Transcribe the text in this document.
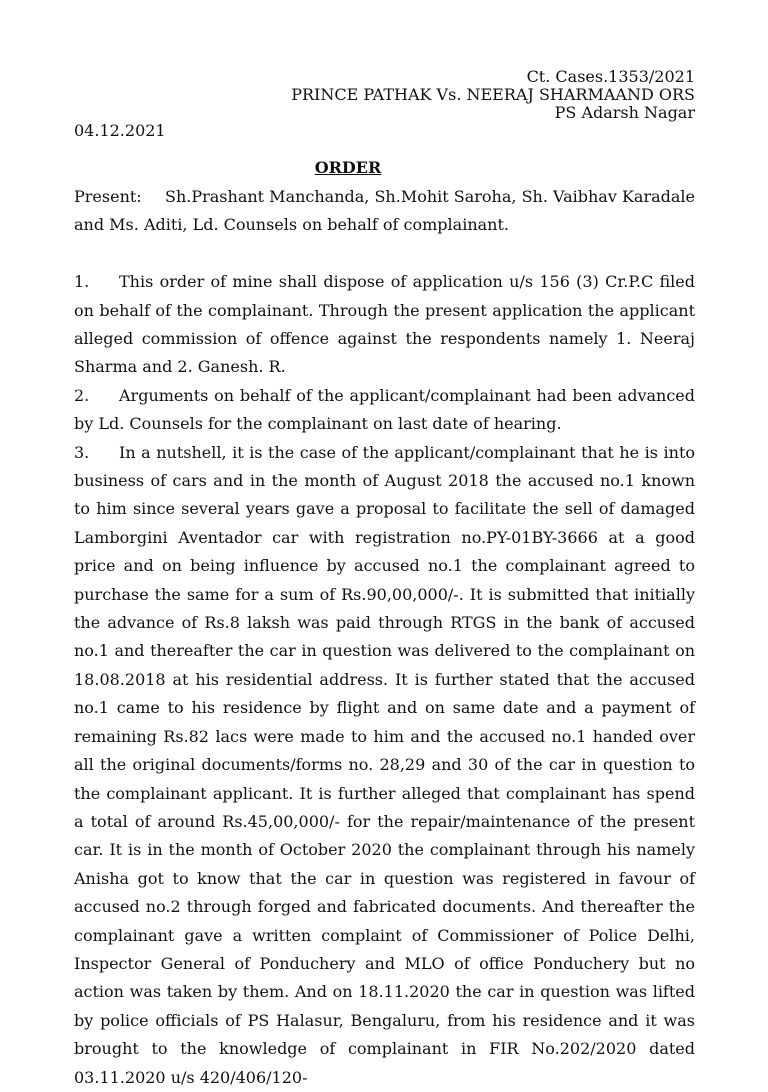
Ct. Cases.1353/2021
PRINCE PATHAK Vs. NEERAJ SHARMAAND ORS
PS Adarsh Nagar
04.12.2021
ORDER

Present: Sh.Prashant Manchanda, Sh.Mohit Saroha, Sh. Vaibhav Karadale and Ms. Aditi, Ld. Counsels on behalf of complainant.

1. This order of mine shall dispose of application u/s 156 (3) Cr.P.C filed on behalf of the complainant. Through the present application the applicant alleged commission of offence against the respondents namely 1. Neeraj Sharma and 2. Ganesh. R.

2. Arguments on behalf of the applicant/complainant had been advanced by Ld. Counsels for the complainant on last date of hearing.

3. In a nutshell, it is the case of the applicant/complainant that he is into business of cars and in the month of August 2018 the accused no.1 known to him since several years gave a proposal to facilitate the sell of damaged Lamborgini Aventador car with registration no.PY-01BY-3666 at a good price and on being influence by accused no.1 the complainant agreed to purchase the same for a sum of Rs.90,00,000/-. It is submitted that initially the advance of Rs.8 laksh was paid through RTGS in the bank of accused no.1 and thereafter the car in question was delivered to the complainant on 18.08.2018 at his residential address. It is further stated that the accused no.1 came to his residence by flight and on same date and a payment of remaining Rs.82 lacs were made to him and the accused no.1 handed over all the original documents/forms no. 28,29 and 30 of the car in question to the complainant applicant. It is further alleged that complainant has spend a total of around Rs.45,00,000/- for the repair/maintenance of the present car. It is in the month of October 2020 the complainant through his namely Anisha got to know that the car in question was registered in favour of accused no.2 through forged and fabricated documents. And thereafter the complainant gave a written complaint of Commissioner of Police Delhi, Inspector General of Ponduchery and MLO of office Ponduchery but no action was taken by them. And on 18.11.2020 the car in question was lifted by police officials of PS Halasur, Bengaluru, from his residence and it was brought to the knowledge of complainant in FIR No.202/2020 dated 03.11.2020 u/s 420/406/120-
